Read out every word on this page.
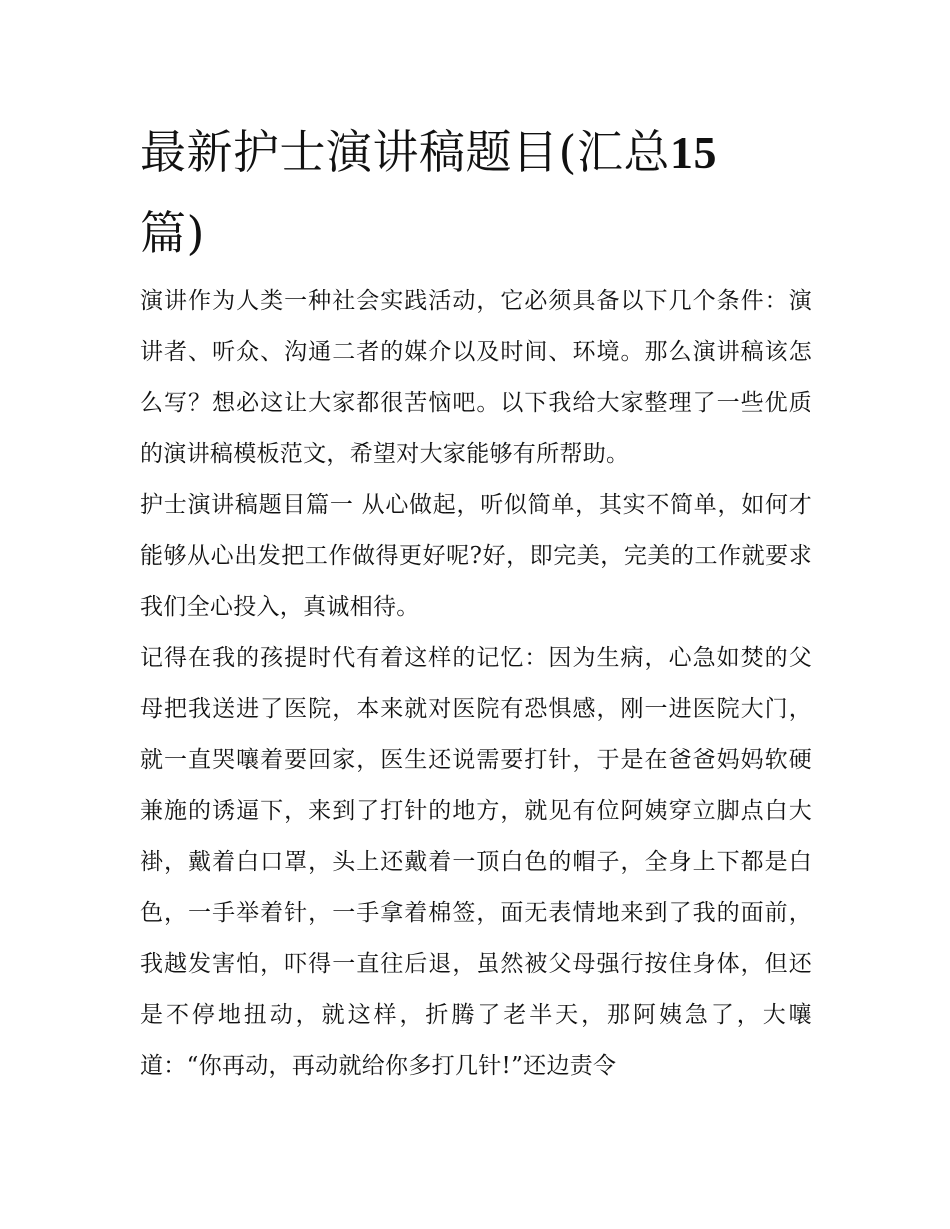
最新护士演讲稿题目(汇总15
篇)

演讲作为人类一种社会实践活动，它必须具备以下几个条件：演讲者、听众、沟通二者的媒介以及时间、环境。那么演讲稿该怎么写？想必这让大家都很苦恼吧。以下我给大家整理了一些优质的演讲稿模板范文，希望对大家能够有所帮助。

护士演讲稿题目篇一 从心做起，听似简单，其实不简单，如何才能够从心出发把工作做得更好呢?好，即完美，完美的工作就要求我们全心投入，真诚相待。

记得在我的孩提时代有着这样的记忆：因为生病，心急如焚的父母把我送进了医院，本来就对医院有恐惧感，刚一进医院大门，就一直哭嚷着要回家，医生还说需要打针，于是在爸爸妈妈软硬兼施的诱逼下，来到了打针的地方，就见有位阿姨穿立脚点白大褂，戴着白口罩，头上还戴着一顶白色的帽子，全身上下都是白色，一手举着针，一手拿着棉签，面无表情地来到了我的面前，我越发害怕，吓得一直往后退，虽然被父母强行按住身体，但还是不停地扭动，就这样，折腾了老半天，那阿姨急了，大嚷道：“你再动，再动就给你多打几针!”还边责令
